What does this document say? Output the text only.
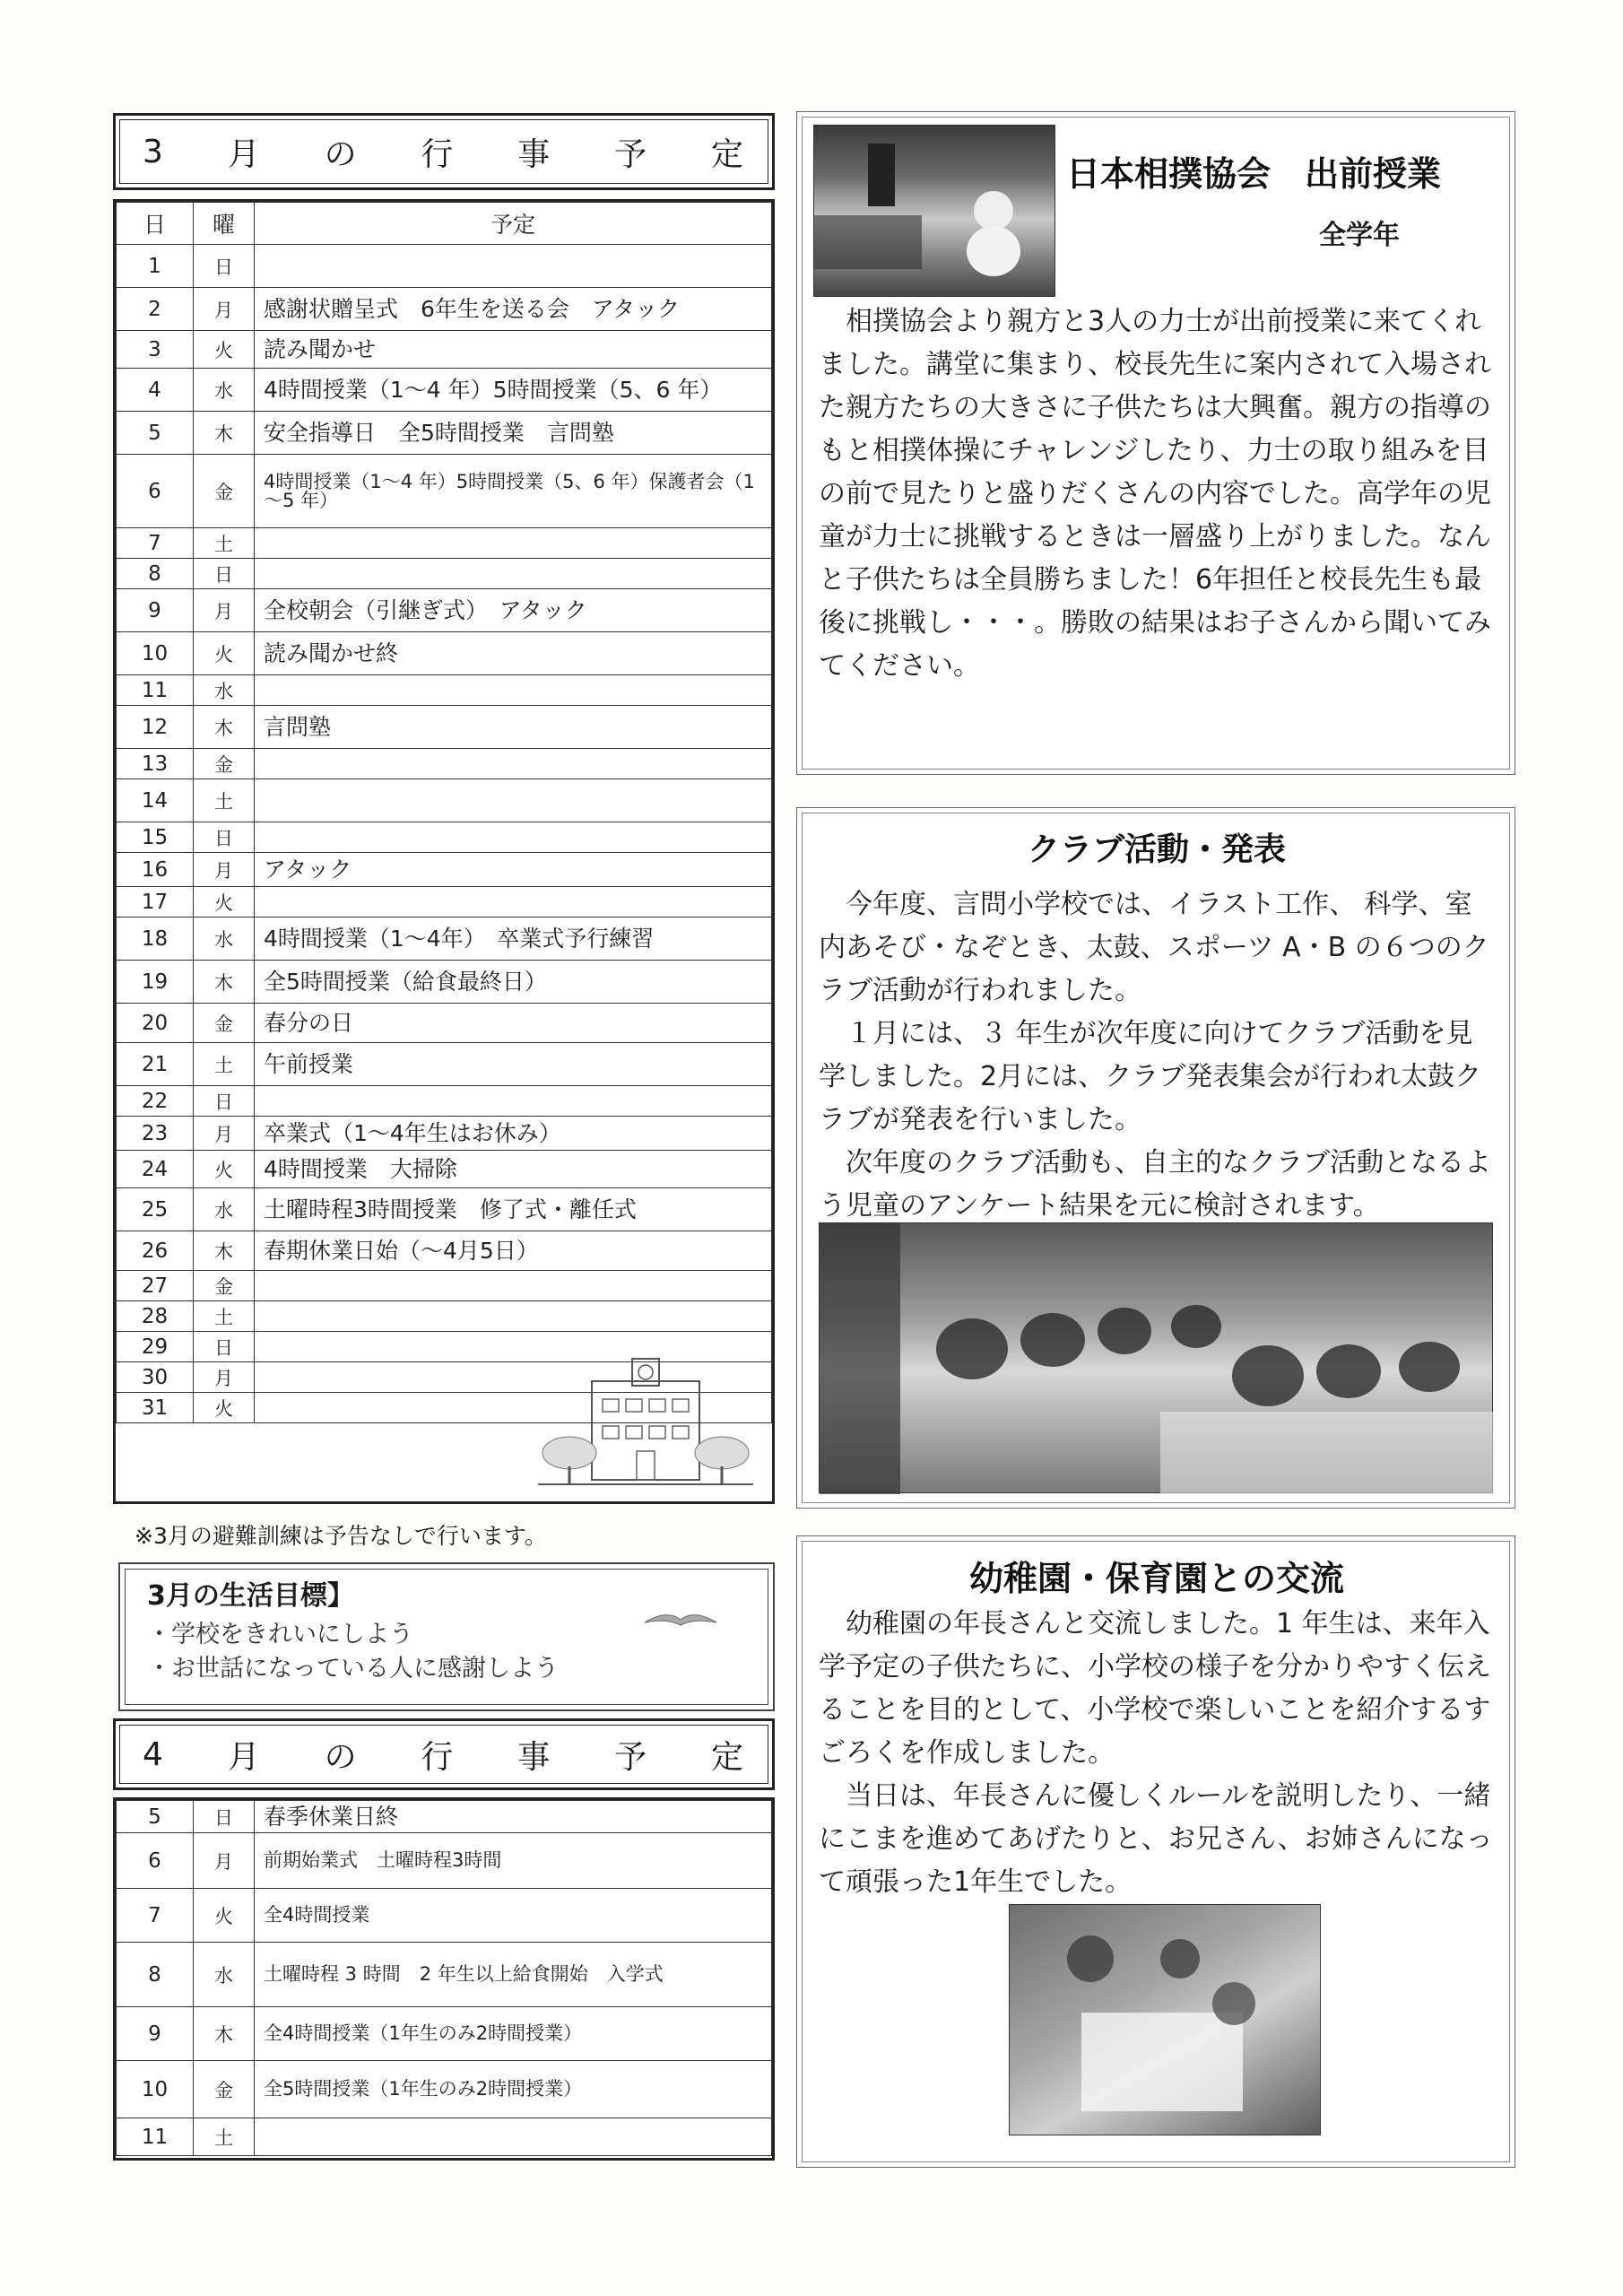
3 月 の 行 事 予 定
日	曜	予定
1	日	
2	月	感謝状贈呈式　6年生を送る会　アタック
3	火	読み聞かせ
4	水	4時間授業（1～4 年）5時間授業（5、6 年）
5	木	安全指導日　全5時間授業　言問塾
6	金	4時間授業（1～4 年）5時間授業（5、6 年）保護者会（1～5 年）
7	土	
8	日	
9	月	全校朝会（引継ぎ式）　アタック
10	火	読み聞かせ終
11	水	
12	木	言問塾
13	金	
14	土	
15	日	
16	月	アタック
17	火	
18	水	4時間授業（1～4年）　卒業式予行練習
19	木	全5時間授業（給食最終日）
20	金	春分の日
21	土	午前授業
22	日	
23	月	卒業式（1～4年生はお休み）
24	火	4時間授業　大掃除
25	水	土曜時程3時間授業　修了式・離任式
26	木	春期休業日始（～4月5日）
27	金	
28	土	
29	日	
30	月	
31	火	
※3月の避難訓練は予告なしで行います。
3月の生活目標】
・学校をきれいにしよう
・お世話になっている人に感謝しよう
4 月 の 行 事 予 定
5	日	春季休業日終
6	月	前期始業式　土曜時程3時間
7	火	全4時間授業
8	水	土曜時程 3 時間　2 年生以上給食開始　入学式
9	木	全4時間授業（1年生のみ2時間授業）
10	金	全5時間授業（1年生のみ2時間授業）
11	土	
日本相撲協会　出前授業
全学年

相撲協会より親方と3人の力士が出前授業に来てくれました。講堂に集まり、校長先生に案内されて入場された親方たちの大きさに子供たちは大興奮。親方の指導のもと相撲体操にチャレンジしたり、力士の取り組みを目の前で見たりと盛りだくさんの内容でした。高学年の児童が力士に挑戦するときは一層盛り上がりました。なんと子供たちは全員勝ちました！6年担任と校長先生も最後に挑戦し・・・。勝敗の結果はお子さんから聞いてみてください。

クラブ活動・発表

今年度、言問小学校では、イラスト工作、 科学、室内あそび・なぞとき、太鼓、スポーツ A・B の６つのクラブ活動が行われました。

１月には、３ 年生が次年度に向けてクラブ活動を見学しました。2月には、クラブ発表集会が行われ太鼓クラブが発表を行いました。

次年度のクラブ活動も、自主的なクラブ活動となるよう児童のアンケート結果を元に検討されます。

幼稚園・保育園との交流

幼稚園の年長さんと交流しました。1 年生は、来年入学予定の子供たちに、小学校の様子を分かりやすく伝えることを目的として、小学校で楽しいことを紹介するすごろくを作成しました。

当日は、年長さんに優しくルールを説明したり、一緒にこまを進めてあげたりと、お兄さん、お姉さんになって頑張った1年生でした。
